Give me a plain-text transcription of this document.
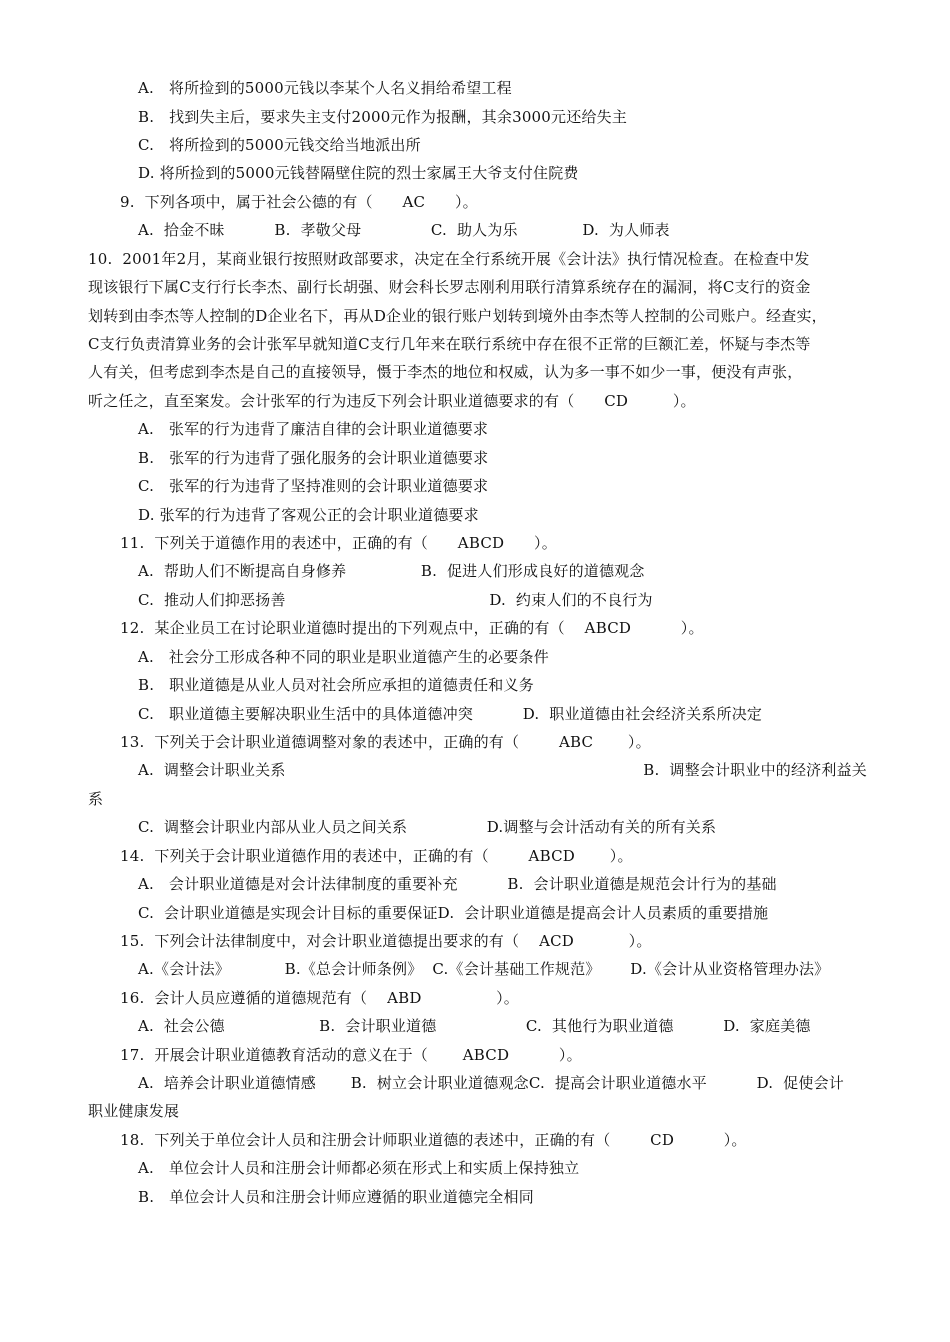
A.   将所捡到的5000元钱以李某个人名义捐给希望工程
B.   找到失主后，要求失主支付2000元作为报酬，其余3000元还给失主
C.   将所捡到的5000元钱交给当地派出所
D. 将所捡到的5000元钱替隔壁住院的烈士家属王大爷支付住院费
9.  下列各项中，属于社会公德的有（      AC      ）。
A.  拾金不昧          B.  孝敬父母              C.  助人为乐             D.  为人师表
10.  2001年2月，某商业银行按照财政部要求，决定在全行系统开展《会计法》执行情况检查。在检查中发
现该银行下属C支行行长李杰、副行长胡强、财会科长罗志刚利用联行清算系统存在的漏洞，将C支行的资金
划转到由李杰等人控制的D企业名下，再从D企业的银行账户划转到境外由李杰等人控制的公司账户。经查实，
C支行负责清算业务的会计张军早就知道C支行几年来在联行系统中存在很不正常的巨额汇差，怀疑与李杰等
人有关，但考虑到李杰是自己的直接领导，慑于李杰的地位和权威，认为多一事不如少一事，便没有声张，
听之任之，直至案发。会计张军的行为违反下列会计职业道德要求的有（      CD         ）。
A.   张军的行为违背了廉洁自律的会计职业道德要求
B.   张军的行为违背了强化服务的会计职业道德要求
C.   张军的行为违背了坚持准则的会计职业道德要求
D. 张军的行为违背了客观公正的会计职业道德要求
11.  下列关于道德作用的表述中，正确的有（      ABCD      ）。
A.  帮助人们不断提高自身修养               B.  促进人们形成良好的道德观念
C.  推动人们抑恶扬善                                         D.  约束人们的不良行为
12.  某企业员工在讨论职业道德时提出的下列观点中，正确的有（    ABCD          ）。
A.   社会分工形成各种不同的职业是职业道德产生的必要条件
B.   职业道德是从业人员对社会所应承担的道德责任和义务
C.   职业道德主要解决职业生活中的具体道德冲突          D.  职业道德由社会经济关系所决定
13.  下列关于会计职业道德调整对象的表述中，正确的有（        ABC       ）。
A.  调整会计职业关系                                                                        B.  调整会计职业中的经济利益关
系
C.  调整会计职业内部从业人员之间关系                D.调整与会计活动有关的所有关系
14.  下列关于会计职业道德作用的表述中，正确的有（        ABCD       ）。
A.   会计职业道德是对会计法律制度的重要补充          B.  会计职业道德是规范会计行为的基础
C.  会计职业道德是实现会计目标的重要保证D.  会计职业道德是提高会计人员素质的重要措施
15.  下列会计法律制度中，对会计职业道德提出要求的有（    ACD           ）。
A.《会计法》           B.《总会计师条例》  C.《会计基础工作规范》      D.《会计从业资格管理办法》
16.  会计人员应遵循的道德规范有（    ABD               ）。
A.  社会公德                   B.  会计职业道德                  C.  其他行为职业道德          D.  家庭美德
17.  开展会计职业道德教育活动的意义在于（       ABCD          ）。
A.  培养会计职业道德情感       B.  树立会计职业道德观念C.  提高会计职业道德水平          D.  促使会计
职业健康发展
18.  下列关于单位会计人员和注册会计师职业道德的表述中，正确的有（        CD          ）。
A.   单位会计人员和注册会计师都必须在形式上和实质上保持独立
B.   单位会计人员和注册会计师应遵循的职业道德完全相同
